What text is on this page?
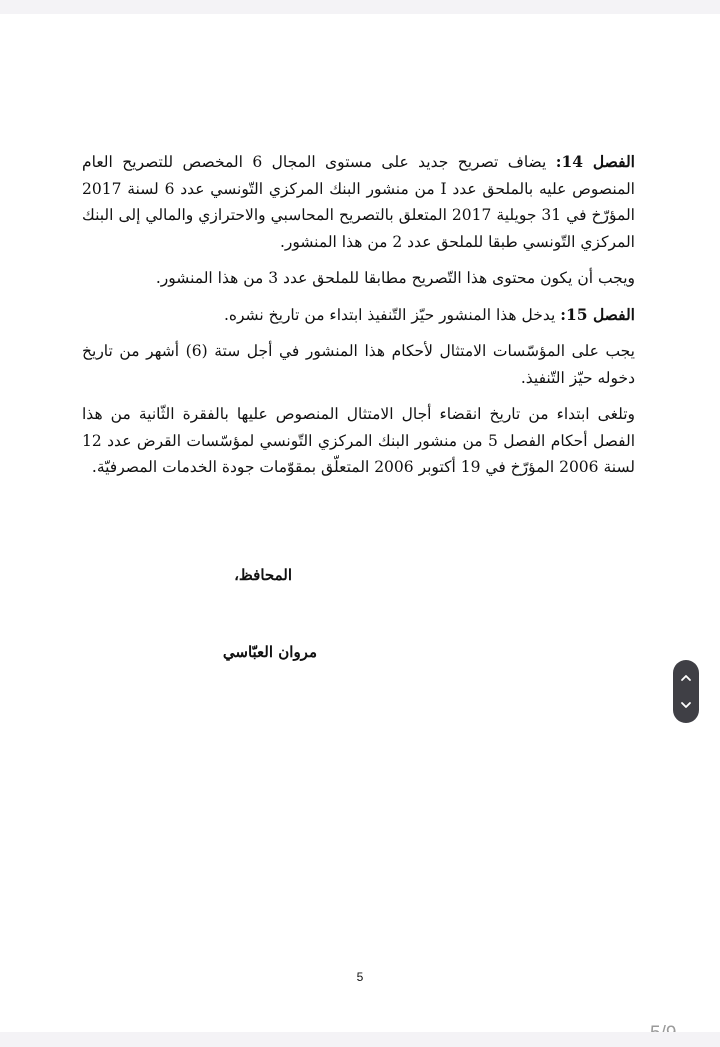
الفصل 14: يضاف تصريح جديد على مستوى المجال 6 المخصص للتصريح العام المنصوص عليه بالملحق عدد I من منشور البنك المركزي التّونسي عدد 6 لسنة 2017 المؤرّخ في 31 جويلية 2017 المتعلق بالتصريح المحاسبي والاحترازي والمالي إلى البنك المركزي التّونسي طبقا للملحق عدد 2 من هذا المنشور.

ويجب أن يكون محتوى هذا التّصريح مطابقا للملحق عدد 3 من هذا المنشور.

الفصل 15: يدخل هذا المنشور حيّز التّنفيذ ابتداء من تاريخ نشره.

يجب على المؤسّسات الامتثال لأحكام هذا المنشور في أجل ستة (6) أشهر من تاريخ دخوله حيّز التّنفيذ.

وتلغى ابتداء من تاريخ انقضاء أجال الامتثال المنصوص عليها بالفقرة الثّانية من هذا الفصل أحكام الفصل 5 من منشور البنك المركزي التّونسي لمؤسّسات القرض عدد 12 لسنة 2006 المؤرّخ في 19 أكتوبر 2006 المتعلّق بمقوّمات جودة الخدمات المصرفيّة.

المحافظ،
مروان العبّاسي
5
